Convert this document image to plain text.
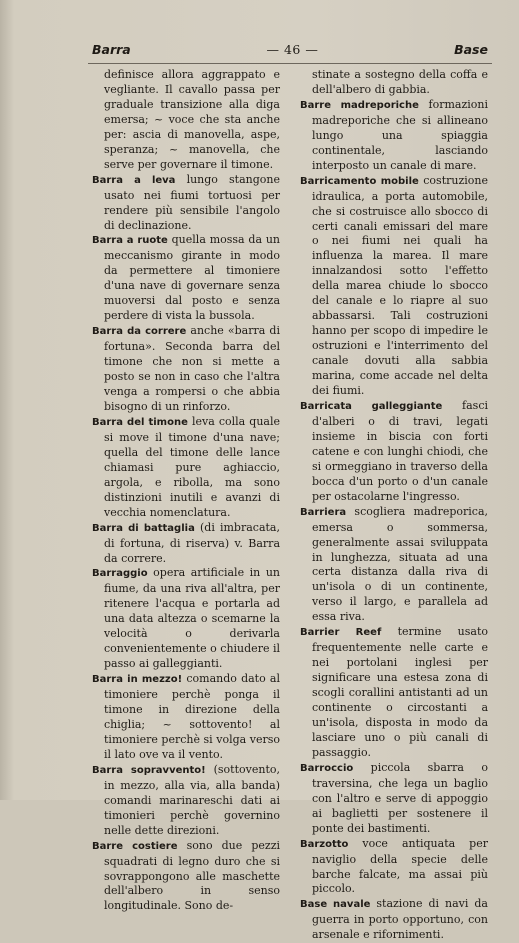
Barra	— 46 —	Base

definisce allora aggrappato e vegliante. Il cavallo passa per graduale transizione alla diga emersa; ~ voce che sta anche per: ascia di manovella, aspe, speranza; ~ manovella, che serve per governare il timone.

Barra a leva lungo stangone usato nei fiumi tortuosi per rendere più sensibile l'angolo di declinazione.

Barra a ruote quella mossa da un meccanismo girante in modo da permettere al timoniere d'una nave di governare senza muoversi dal posto e senza perdere di vista la bussola.

Barra da correre anche «barra di fortuna». Seconda barra del timone che non si mette a posto se non in caso che l'altra venga a rompersi o che abbia bisogno di un rinforzo.

Barra del timone leva colla quale si move il timone d'una nave; quella del timone delle lance chiamasi pure aghiaccio, argola, e ribolla, ma sono distinzioni inutili e avanzi di vecchia nomenclatura.

Barra di battaglia (di imbracata, di fortuna, di riserva) v. Barra da correre.

Barraggio opera artificiale in un fiume, da una riva all'altra, per ritenere l'acqua e portarla ad una data altezza o scemarne la velocità o derivarla convenientemente o chiudere il passo ai galleggianti.

Barra in mezzo! comando dato al timoniere perchè ponga il timone in direzione della chiglia; ~ sottovento! al timoniere perchè si volga verso il lato ove va il vento.

Barra sopravvento! (sottovento, in mezzo, alla via, alla banda) comandi marinareschi dati ai timonieri perchè governino nelle dette direzioni.

Barre costiere sono due pezzi squadrati di legno duro che si sovrappongono alle maschette dell'albero in senso longitudinale. Sono de-

stinate a sostegno della coffa e dell'albero di gabbia.

Barre madreporiche formazioni madreporiche che si allineano lungo una spiaggia continentale, lasciando interposto un canale di mare.

Barricamento mobile costruzione idraulica, a porta automobile, che si costruisce allo sbocco di certi canali emissari del mare o nei fiumi nei quali ha influenza la marea. Il mare innalzandosi sotto l'effetto della marea chiude lo sbocco del canale e lo riapre al suo abbassarsi. Tali costruzioni hanno per scopo di impedire le ostruzioni e l'interrimento del canale dovuti alla sabbia marina, come accade nel delta dei fiumi.

Barricata galleggiante fasci d'alberi o di travi, legati insieme in biscia con forti catene e con lunghi chiodi, che si ormeggiano in traverso della bocca d'un porto o d'un canale per ostacolarne l'ingresso.

Barriera scogliera madreporica, emersa o sommersa, generalmente assai sviluppata in lunghezza, situata ad una certa distanza dalla riva di un'isola o di un continente, verso il largo, e parallela ad essa riva.

Barrier Reef termine usato frequentemente nelle carte e nei portolani inglesi per significare una estesa zona di scogli corallini antistanti ad un continente o circostanti a un'isola, disposta in modo da lasciare uno o più canali di passaggio.

Barroccio piccola sbarra o traversina, che lega un baglio con l'altro e serve di appoggio ai baglietti per sostenere il ponte dei bastimenti.

Barzotto voce antiquata per naviglio della specie delle barche falcate, ma assai più piccolo.

Base navale stazione di navi da guerra in porto opportuno, con arsenale e rifornimenti.
